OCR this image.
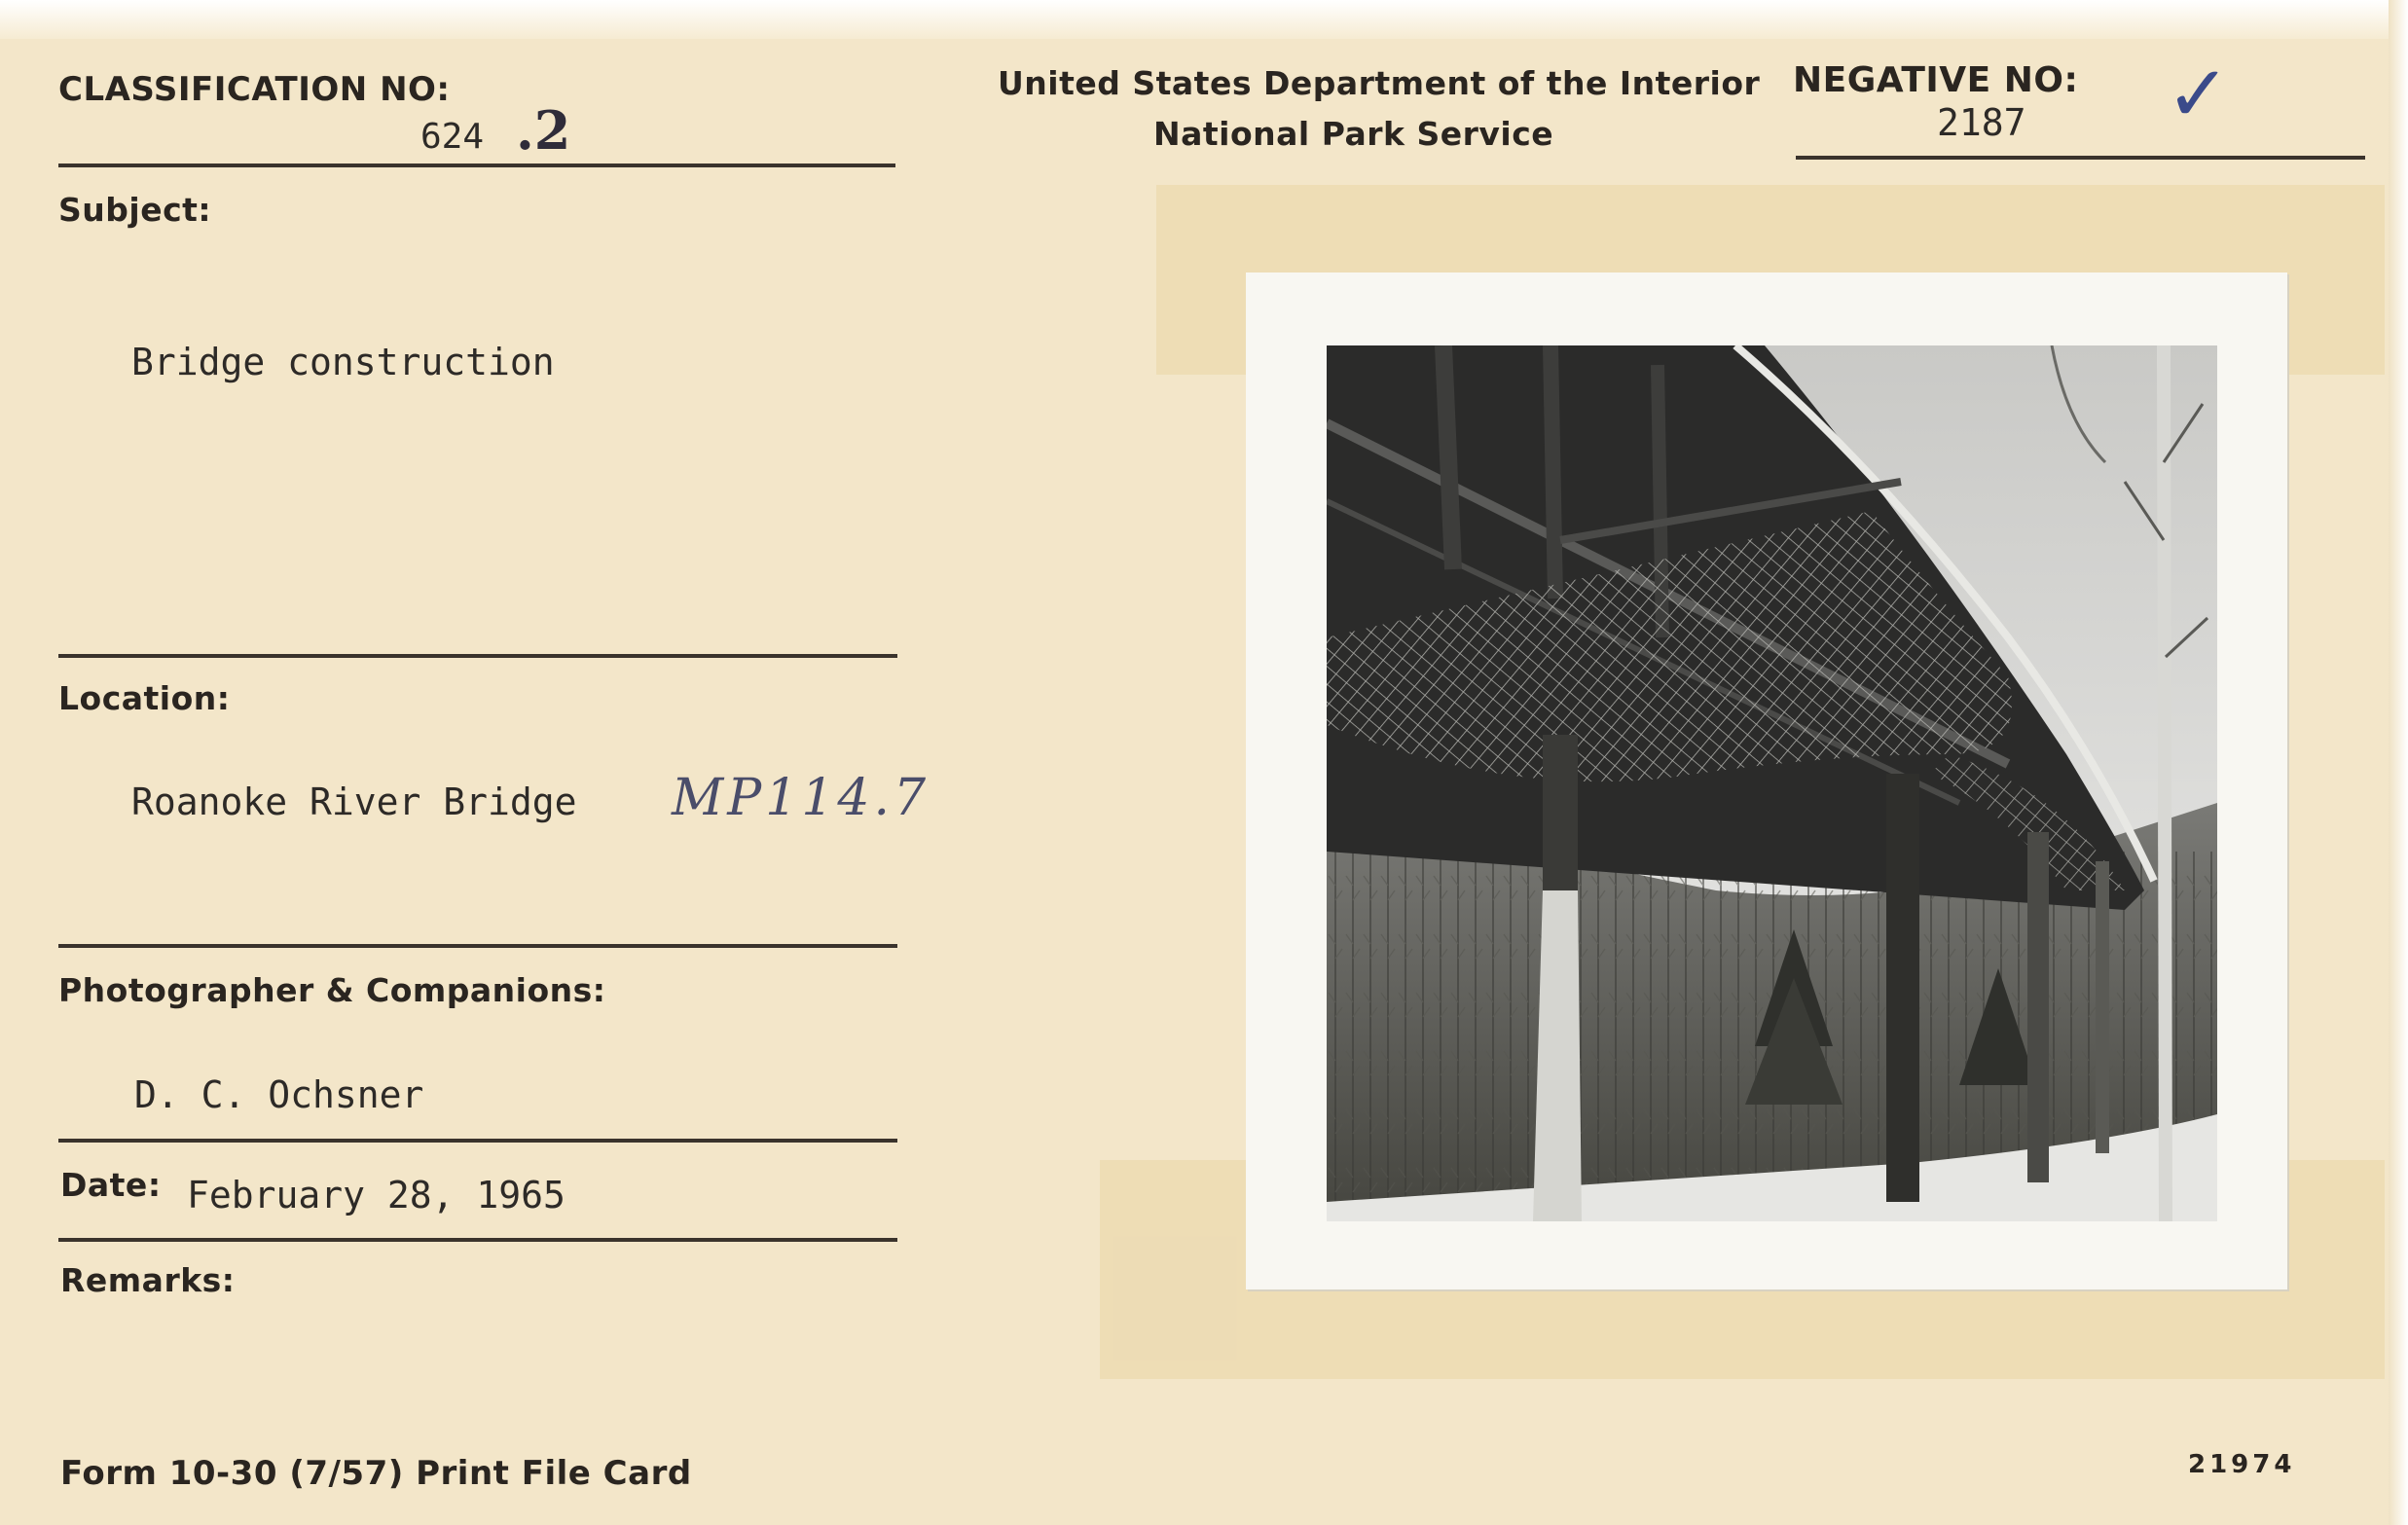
CLASSIFICATION NO:
624 .2
United States Department of the Interior
National Park Service
NEGATIVE NO:
2187 ✓
Subject:
Bridge construction
Location:
Roanoke River Bridge MP114.7
Photographer & Companions:
D. C. Ochsner
Date: February 28, 1965
Remarks:
Form 10-30 (7/57) Print File Card	21974
